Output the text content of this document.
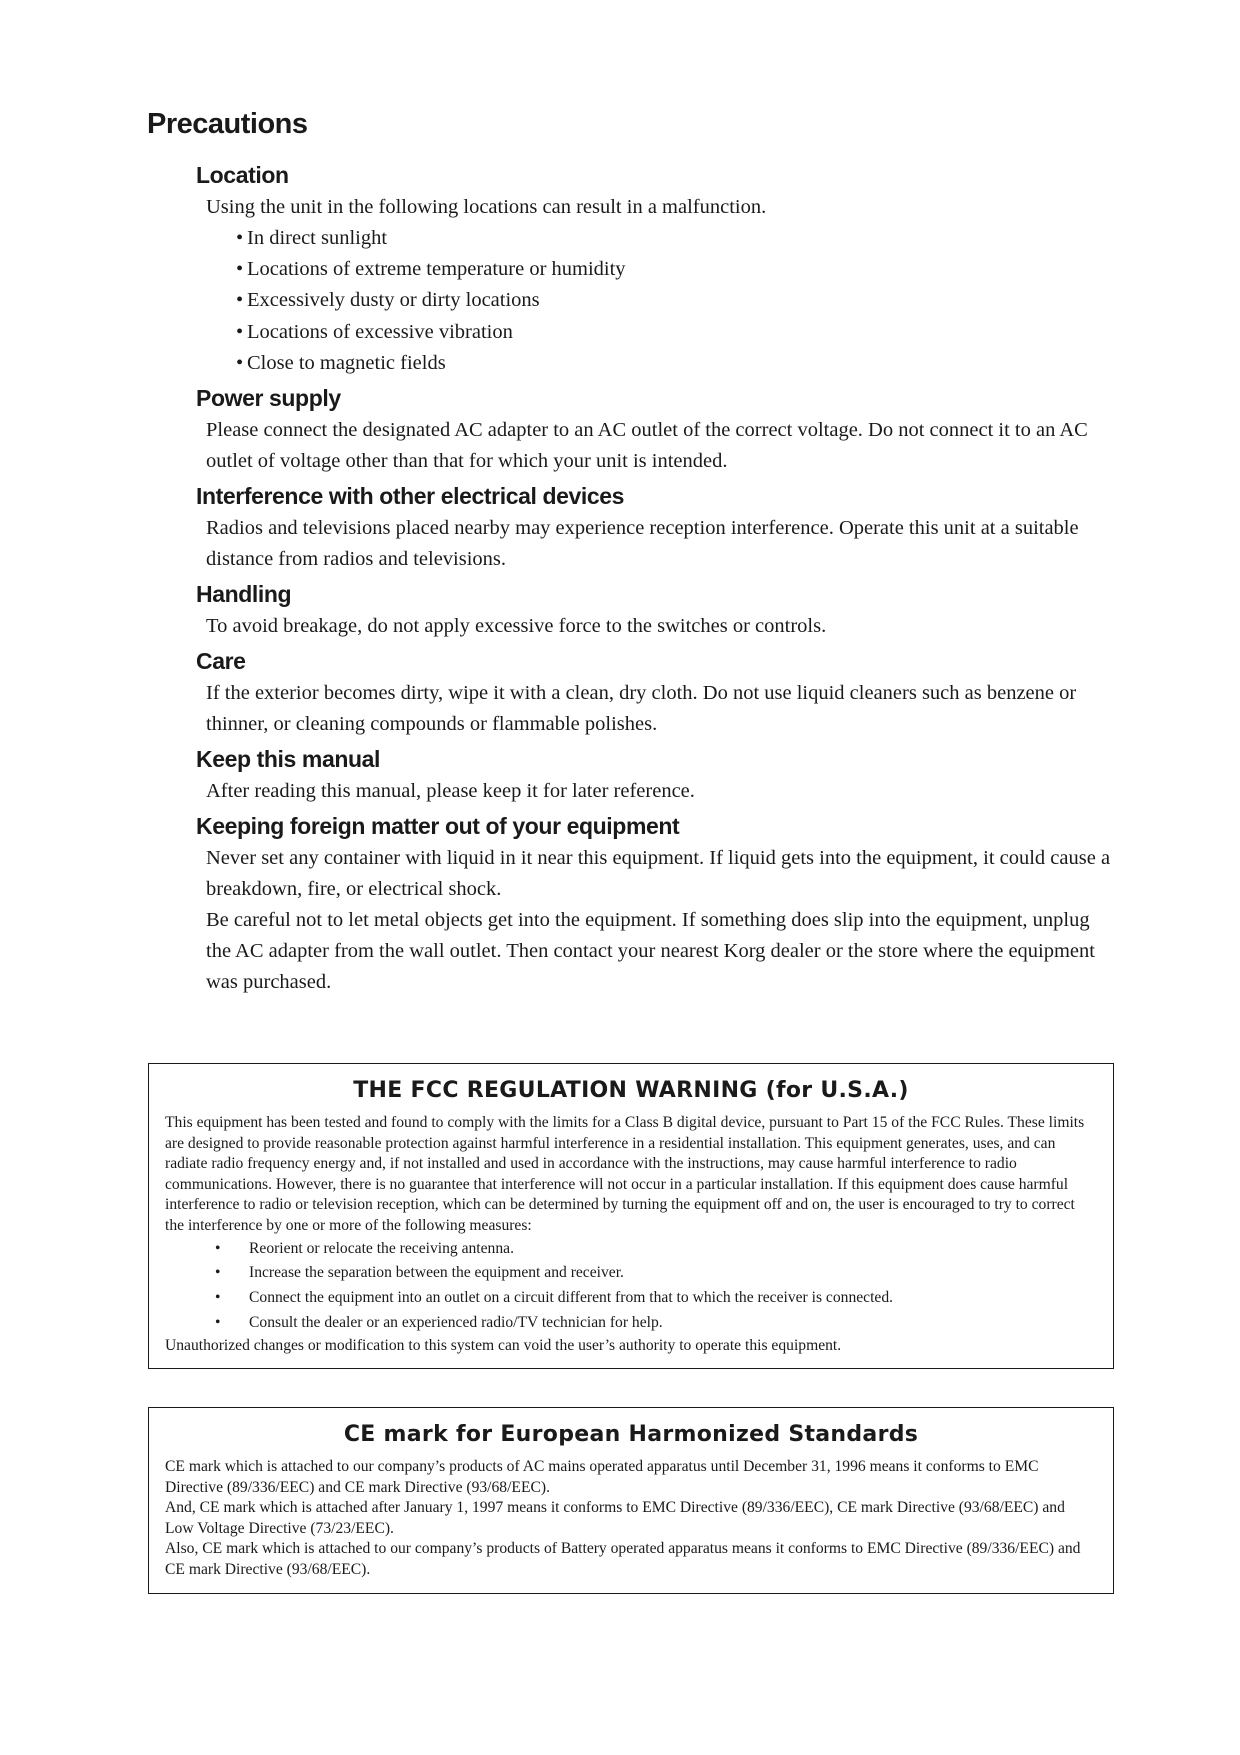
Precautions
Location

Using the unit in the following locations can result in a malfunction.

• In direct sunlight
• Locations of extreme temperature or humidity
• Excessively dusty or dirty locations
• Locations of excessive vibration
• Close to magnetic fields
Power supply

Please connect the designated AC adapter to an AC outlet of the correct voltage. Do not connect it to an AC outlet of voltage other than that for which your unit is intended.

Interference with other electrical devices

Radios and televisions placed nearby may experience reception interference. Operate this unit at a suitable distance from radios and televisions.

Handling

To avoid breakage, do not apply excessive force to the switches or controls.

Care

If the exterior becomes dirty, wipe it with a clean, dry cloth. Do not use liquid cleaners such as benzene or thinner, or cleaning compounds or flammable polishes.

Keep this manual

After reading this manual, please keep it for later reference.

Keeping foreign matter out of your equipment

Never set any container with liquid in it near this equipment. If liquid gets into the equipment, it could cause a breakdown, fire, or electrical shock.

Be careful not to let metal objects get into the equipment. If something does slip into the equipment, unplug the AC adapter from the wall outlet. Then contact your nearest Korg dealer or the store where the equipment was purchased.

THE FCC REGULATION WARNING (for U.S.A.)

This equipment has been tested and found to comply with the limits for a Class B digital device, pursuant to Part 15 of the FCC Rules. These limits are designed to provide reasonable protection against harmful interference in a residential installation. This equipment generates, uses, and can radiate radio frequency energy and, if not installed and used in accordance with the instructions, may cause harmful interference to radio communications. However, there is no guarantee that interference will not occur in a particular installation. If this equipment does cause harmful interference to radio or television reception, which can be determined by turning the equipment off and on, the user is encouraged to try to correct the interference by one or more of the following measures:

• Reorient or relocate the receiving antenna.
• Increase the separation between the equipment and receiver.
• Connect the equipment into an outlet on a circuit different from that to which the receiver is connected.
• Consult the dealer or an experienced radio/TV technician for help.

Unauthorized changes or modification to this system can void the user’s authority to operate this equipment.

CE mark for European Harmonized Standards

CE mark which is attached to our company’s products of AC mains operated apparatus until December 31, 1996 means it conforms to EMC Directive (89/336/EEC) and CE mark Directive (93/68/EEC).

And, CE mark which is attached after January 1, 1997 means it conforms to EMC Directive (89/336/EEC), CE mark Directive (93/68/EEC) and Low Voltage Directive (73/23/EEC).

Also, CE mark which is attached to our company’s products of Battery operated apparatus means it conforms to EMC Directive (89/336/EEC) and CE mark Directive (93/68/EEC).
